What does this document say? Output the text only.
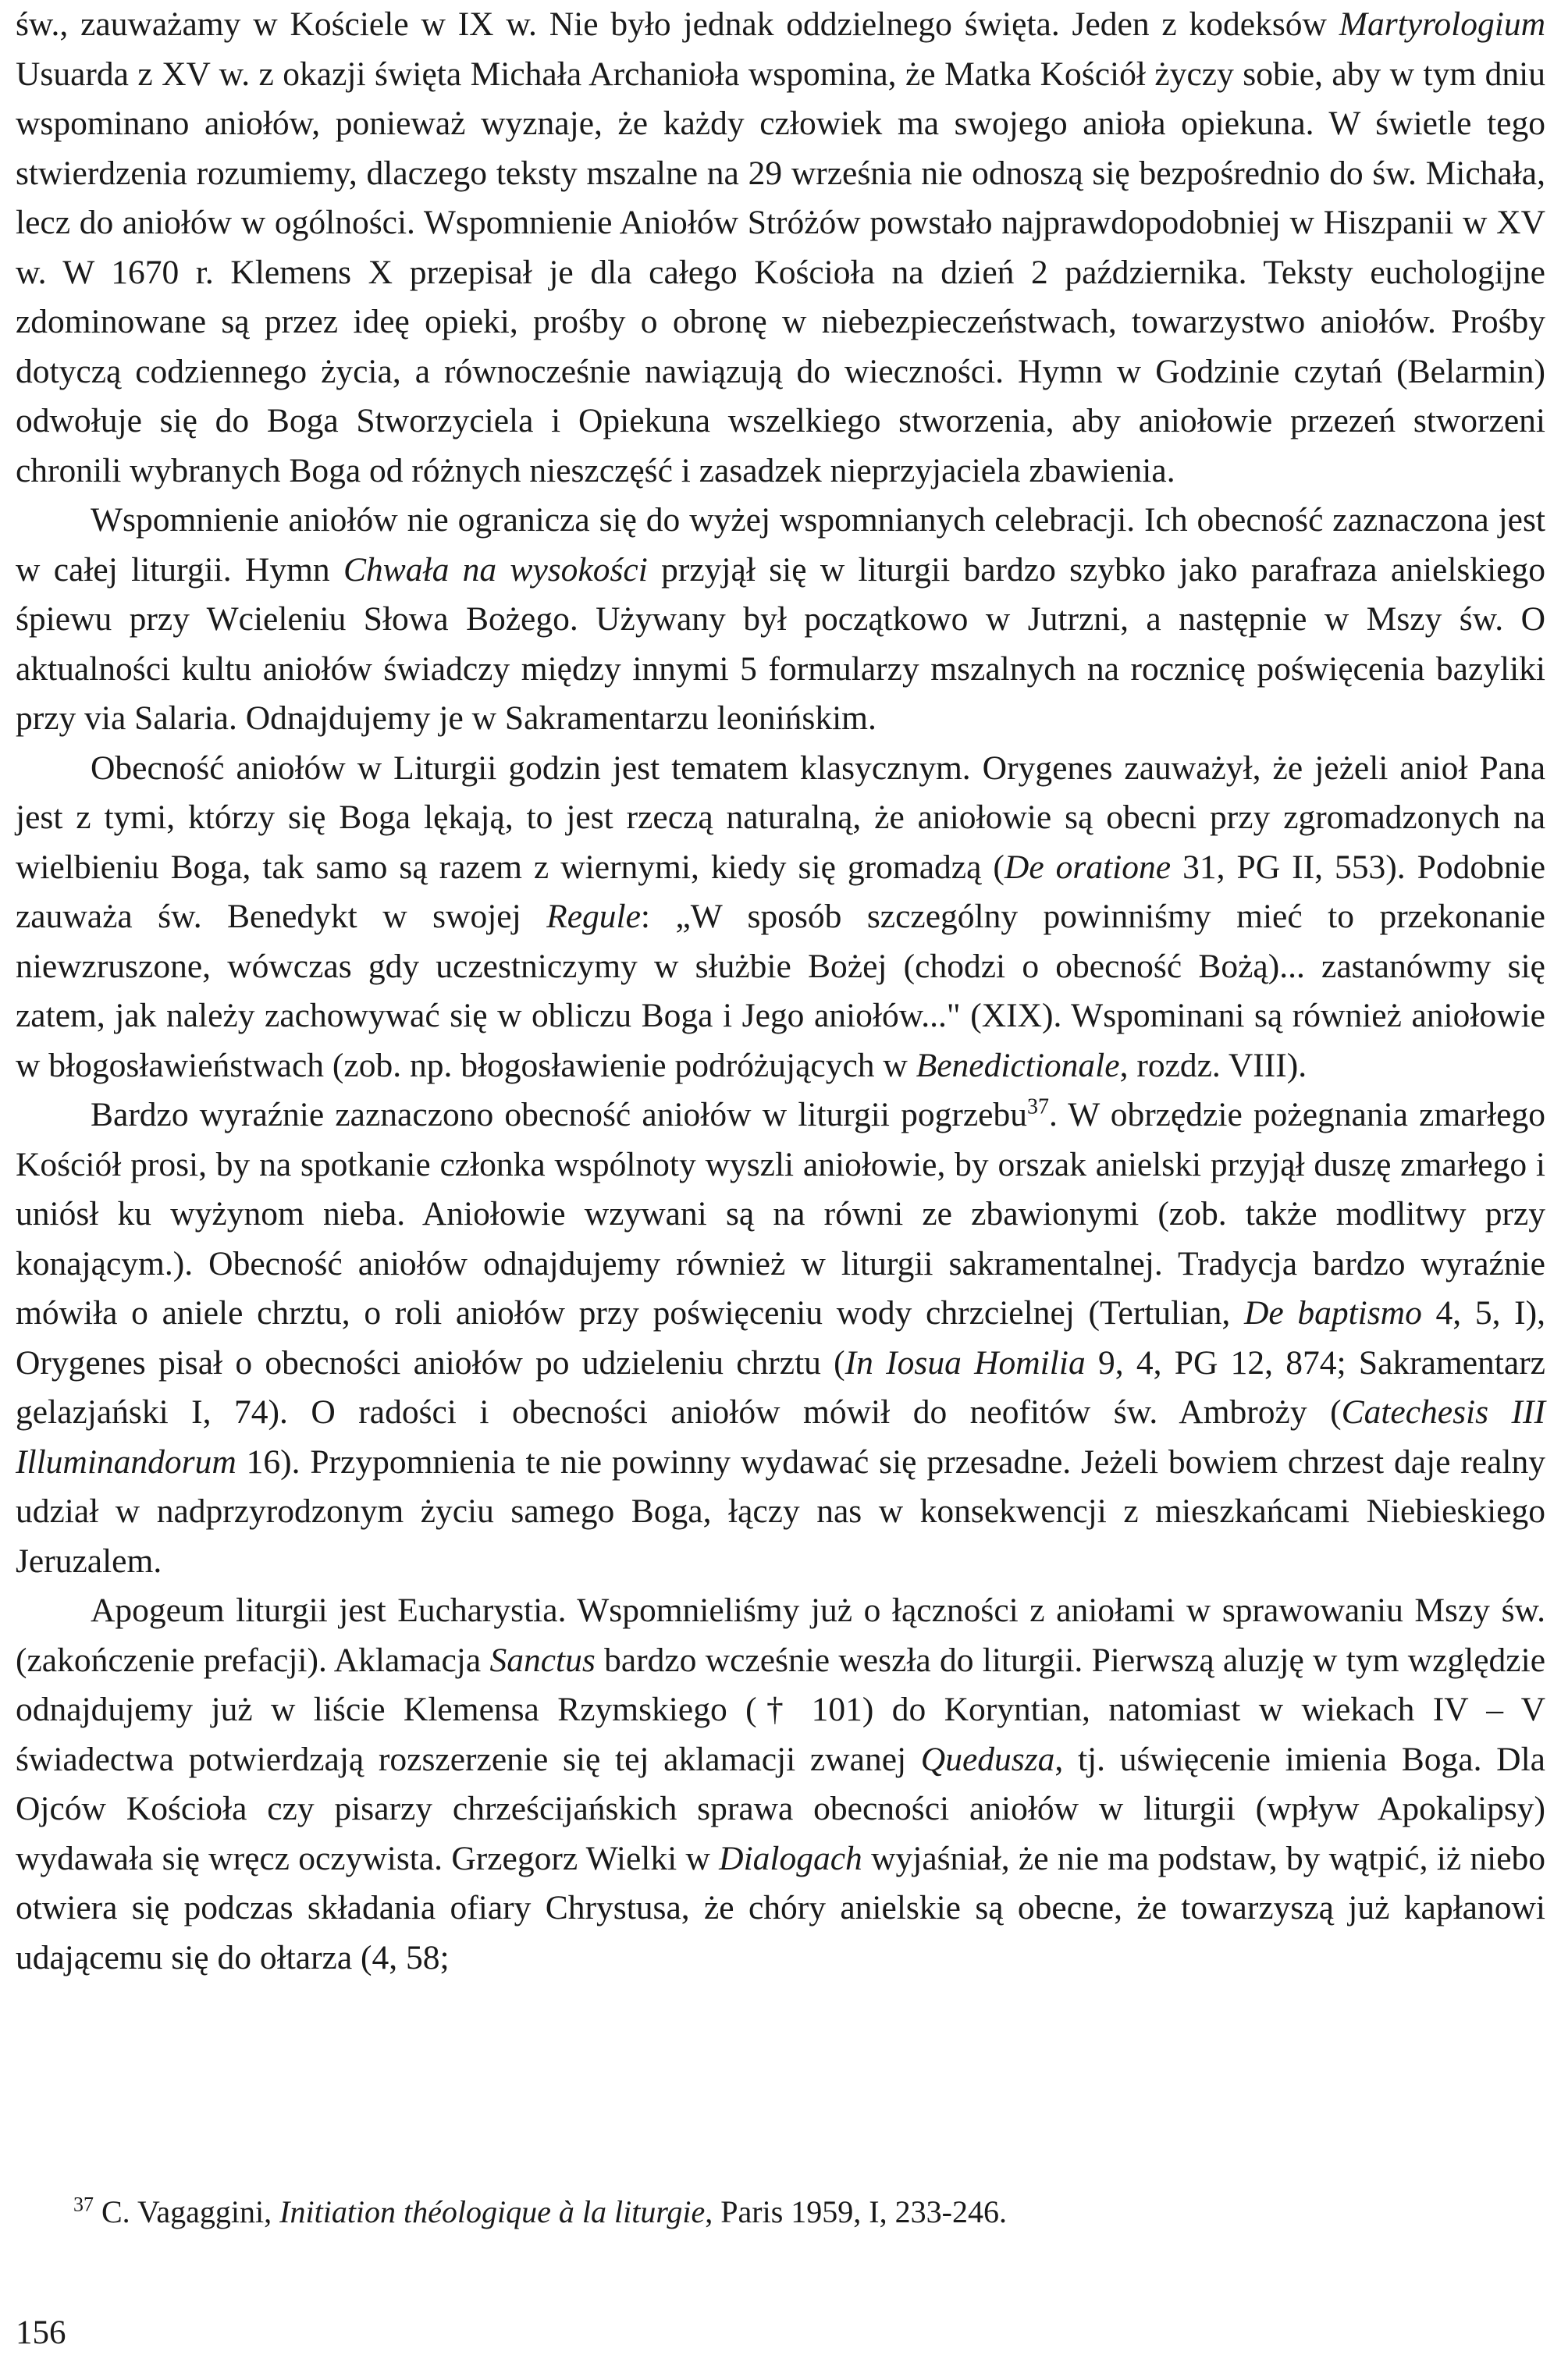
św., zauważamy w Kościele w IX w. Nie było jednak oddzielnego święta. Jeden z kodeksów Martyrologium Usuarda z XV w. z okazji święta Michała Archanioła wspomina, że Matka Kościół życzy sobie, aby w tym dniu wspominano aniołów, ponieważ wyznaje, że każdy człowiek ma swojego anioła opiekuna. W świetle tego stwierdzenia rozumiemy, dlaczego teksty mszalne na 29 września nie odnoszą się bezpośrednio do św. Michała, lecz do aniołów w ogólności. Wspomnienie Aniołów Stróżów powstało najprawdopodobniej w Hiszpanii w XV w. W 1670 r. Klemens X przepisał je dla całego Kościoła na dzień 2 października. Teksty euchologijne zdominowane są przez ideę opieki, prośby o obronę w niebezpieczeństwach, towarzystwo aniołów. Prośby dotyczą codziennego życia, a równocześnie nawiązują do wieczności. Hymn w Godzinie czytań (Belarmin) odwołuje się do Boga Stworzyciela i Opiekuna wszelkiego stworzenia, aby aniołowie przezeń stworzeni chronili wybranych Boga od różnych nieszczęść i zasadzek nieprzyjaciela zbawienia.

Wspomnienie aniołów nie ogranicza się do wyżej wspomnianych celebracji. Ich obecność zaznaczona jest w całej liturgii. Hymn Chwała na wysokości przyjął się w liturgii bardzo szybko jako parafraza anielskiego śpiewu przy Wcieleniu Słowa Bożego. Używany był początkowo w Jutrzni, a następnie w Mszy św. O aktualności kultu aniołów świadczy między innymi 5 formularzy mszalnych na rocznicę poświęcenia bazyliki przy via Salaria. Odnajdujemy je w Sakramentarzu leonińskim.

Obecność aniołów w Liturgii godzin jest tematem klasycznym. Orygenes zauważył, że jeżeli anioł Pana jest z tymi, którzy się Boga lękają, to jest rzeczą naturalną, że aniołowie są obecni przy zgromadzonych na wielbieniu Boga, tak samo są razem z wiernymi, kiedy się gromadzą (De oratione 31, PG II, 553). Podobnie zauważa św. Benedykt w swojej Regule: „W sposób szczególny powinniśmy mieć to przekonanie niewzruszone, wówczas gdy uczestniczymy w służbie Bożej (chodzi o obecność Bożą)... zastanówmy się zatem, jak należy zachowywać się w obliczu Boga i Jego aniołów..." (XIX). Wspominani są również aniołowie w błogosławieństwach (zob. np. błogosławienie podróżujących w Benedictionale, rozdz. VIII).

Bardzo wyraźnie zaznaczono obecność aniołów w liturgii pogrzebu$^{37}$. W obrzędzie pożegnania zmarłego Kościół prosi, by na spotkanie członka wspólnoty wyszli aniołowie, by orszak anielski przyjął duszę zmarłego i uniósł ku wyżynom nieba. Aniołowie wzywani są na równi ze zbawionymi (zob. także modlitwy przy konającym.). Obecność aniołów odnajdujemy również w liturgii sakramentalnej. Tradycja bardzo wyraźnie mówiła o aniele chrztu, o roli aniołów przy poświęceniu wody chrzcielnej (Tertulian, De baptismo 4, 5, I), Orygenes pisał o obecności aniołów po udzieleniu chrztu (In Iosua Homilia 9, 4, PG 12, 874; Sakramentarz gelazjański I, 74). O radości i obecności aniołów mówił do neofitów św. Ambroży (Catechesis III Illuminandorum 16). Przypomnienia te nie powinny wydawać się przesadne. Jeżeli bowiem chrzest daje realny udział w nadprzyrodzonym życiu samego Boga, łączy nas w konsekwencji z mieszkańcami Niebieskiego Jeruzalem.

Apogeum liturgii jest Eucharystia. Wspomnieliśmy już o łączności z aniołami w sprawowaniu Mszy św. (zakończenie prefacji). Aklamacja Sanctus bardzo wcześnie weszła do liturgii. Pierwszą aluzję w tym względzie odnajdujemy już w liście Klemensa Rzymskiego († 101) do Koryntian, natomiast w wiekach IV – V świadectwa potwierdzają rozszerzenie się tej aklamacji zwanej Quedusza, tj. uświęcenie imienia Boga. Dla Ojców Kościoła czy pisarzy chrześcijańskich sprawa obecności aniołów w liturgii (wpływ Apokalipsy) wydawała się wręcz oczywista. Grzegorz Wielki w Dialogach wyjaśniał, że nie ma podstaw, by wątpić, iż niebo otwiera się podczas składania ofiary Chrystusa, że chóry anielskie są obecne, że towarzyszą już kapłanowi udającemu się do ołtarza (4, 58;

$^{37}$ C. Vagaggini, Initiation théologique à la liturgie, Paris 1959, I, 233-246.
156
